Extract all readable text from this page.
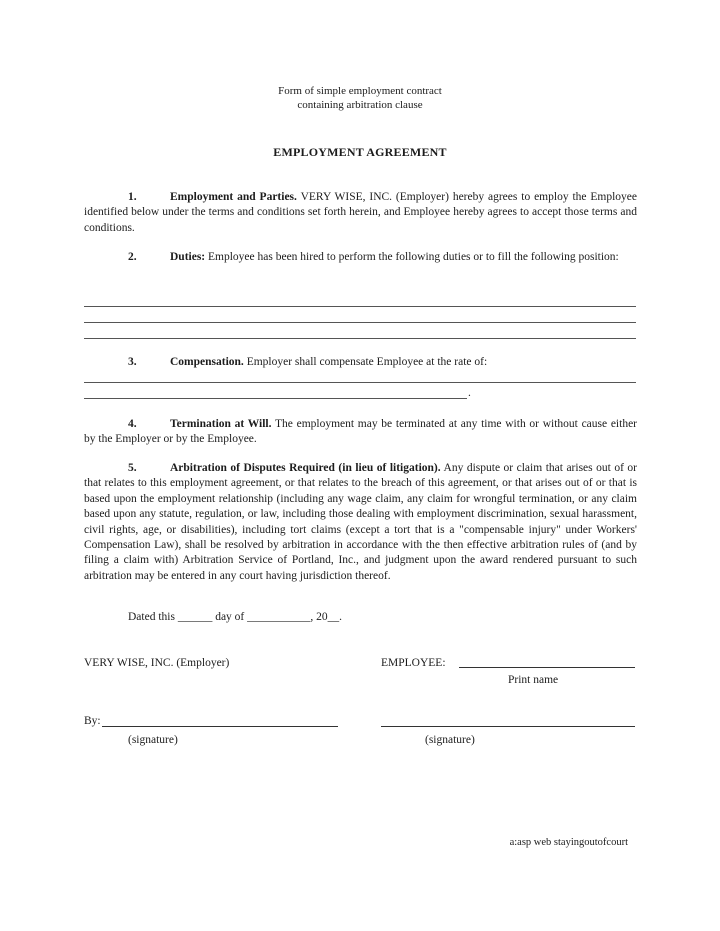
Form of simple employment contract
containing arbitration clause
EMPLOYMENT AGREEMENT
1.	Employment and Parties. VERY WISE, INC. (Employer) hereby agrees to employ the Employee identified below under the terms and conditions set forth herein, and Employee hereby agrees to accept those terms and conditions.
2.	Duties: Employee has been hired to perform the following duties or to fill the following position:
3.	Compensation. Employer shall compensate Employee at the rate of:
.
4.	Termination at Will. The employment may be terminated at any time with or without cause either by the Employer or by the Employee.
5.	Arbitration of Disputes Required (in lieu of litigation). Any dispute or claim that arises out of or that relates to this employment agreement, or that relates to the breach of this agreement, or that arises out of or that is based upon the employment relationship (including any wage claim, any claim for wrongful termination, or any claim based upon any statute, regulation, or law, including those dealing with employment discrimination, sexual harassment, civil rights, age, or disabilities), including tort claims (except a tort that is a "compensable injury" under Workers' Compensation Law), shall be resolved by arbitration in accordance with the then effective arbitration rules of (and by filing a claim with) Arbitration Service of Portland, Inc., and judgment upon the award rendered pursuant to such arbitration may be entered in any court having jurisdiction thereof.
Dated this ______ day of ___________, 20__.
VERY WISE, INC. (Employer)	EMPLOYEE:
Print name
By:
(signature)	(signature)
a:asp web stayingoutofcourt
